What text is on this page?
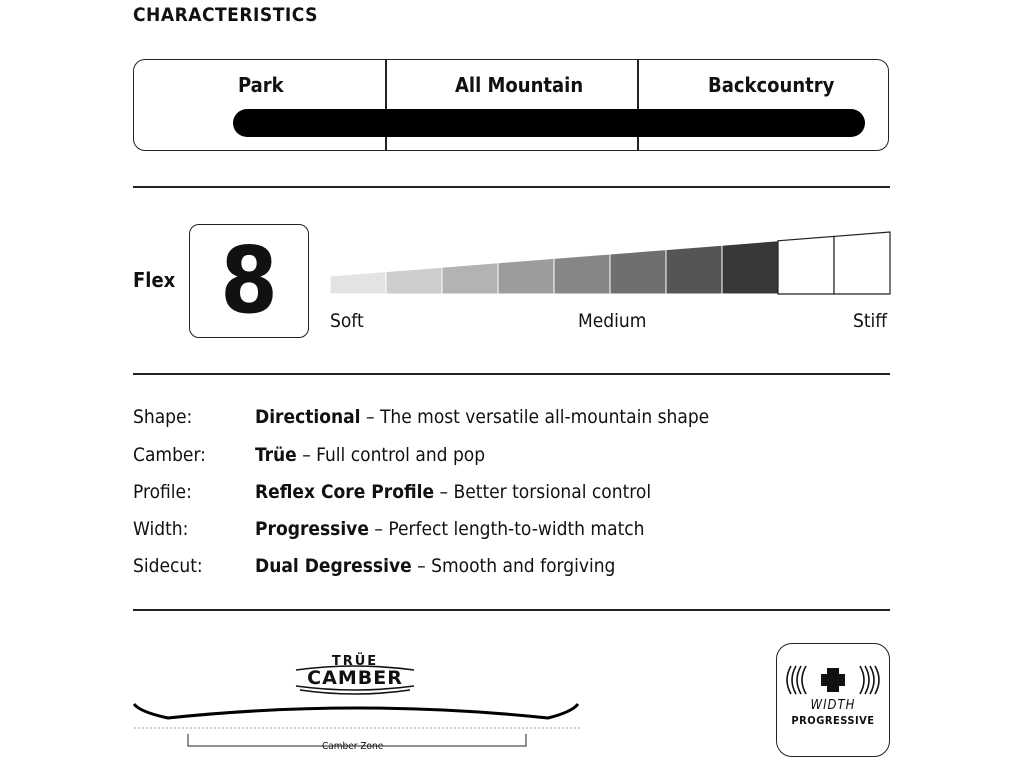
CHARACTERISTICS
Park	All Mountain	Backcountry
Flex 8	Soft	Medium	Stiff
Shape:	Directional – The most versatile all-mountain shape
Camber:	Trüe – Full control and pop
Profile:	Reflex Core Profile – Better torsional control
Width:	Progressive – Perfect length-to-width match
Sidecut:	Dual Degressive – Smooth and forgiving
TRÜE
CAMBER
Camber Zone
WIDTH
PROGRESSIVE
